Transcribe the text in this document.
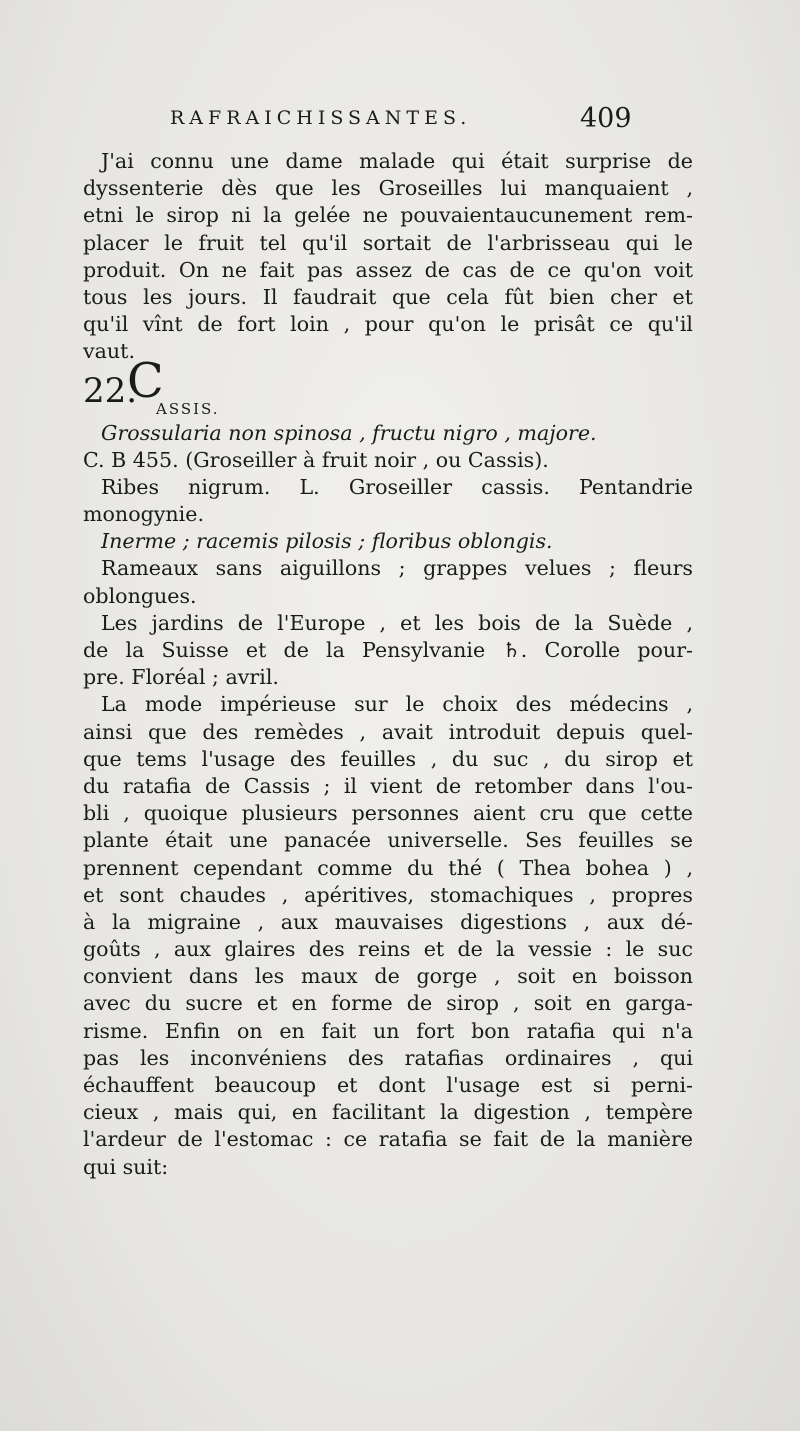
RAFRAICHISSANTES.	409
J'ai connu une dame malade qui était surprise de
dyssenterie dès que les Groseilles lui manquaient ,
etni le sirop ni la gelée ne pouvaientaucunement rem-
placer le fruit tel qu'il sortait de l'arbrisseau qui le
produit. On ne fait pas assez de cas de ce qu'on voit
tous les jours. Il faudrait que cela fût bien cher et
qu'il vînt de fort loin , pour qu'on le prisât ce qu'il
vaut.
22.
C
ASSIS.
Grossularia non spinosa , fructu nigro , majore.
C. B 455. (Groseiller à fruit noir , ou Cassis).
Ribes nigrum. L. Groseiller cassis. Pentandrie
monogynie.
Inerme ; racemis pilosis ; floribus oblongis.
Rameaux sans aiguillons ; grappes velues ; fleurs
oblongues.
Les jardins de l'Europe , et les bois de la Suède ,
de la Suisse et de la Pensylvanie ♄. Corolle pour-
pre. Floréal ; avril.
La mode impérieuse sur le choix des médecins ,
ainsi que des remèdes , avait introduit depuis quel-
que tems l'usage des feuilles , du suc , du sirop et
du ratafia de Cassis ; il vient de retomber dans l'ou-
bli , quoique plusieurs personnes aient cru que cette
plante était une panacée universelle. Ses feuilles se
prennent cependant comme du thé ( Thea bohea ) ,
et sont chaudes , apéritives, stomachiques , propres
à la migraine , aux mauvaises digestions , aux dé-
goûts , aux glaires des reins et de la vessie : le suc
convient dans les maux de gorge , soit en boisson
avec du sucre et en forme de sirop , soit en garga-
risme. Enfin on en fait un fort bon ratafia qui n'a
pas les inconvéniens des ratafias ordinaires , qui
échauffent beaucoup et dont l'usage est si perni-
cieux , mais qui, en facilitant la digestion , tempère
l'ardeur de l'estomac : ce ratafia se fait de la manière
qui suit:
